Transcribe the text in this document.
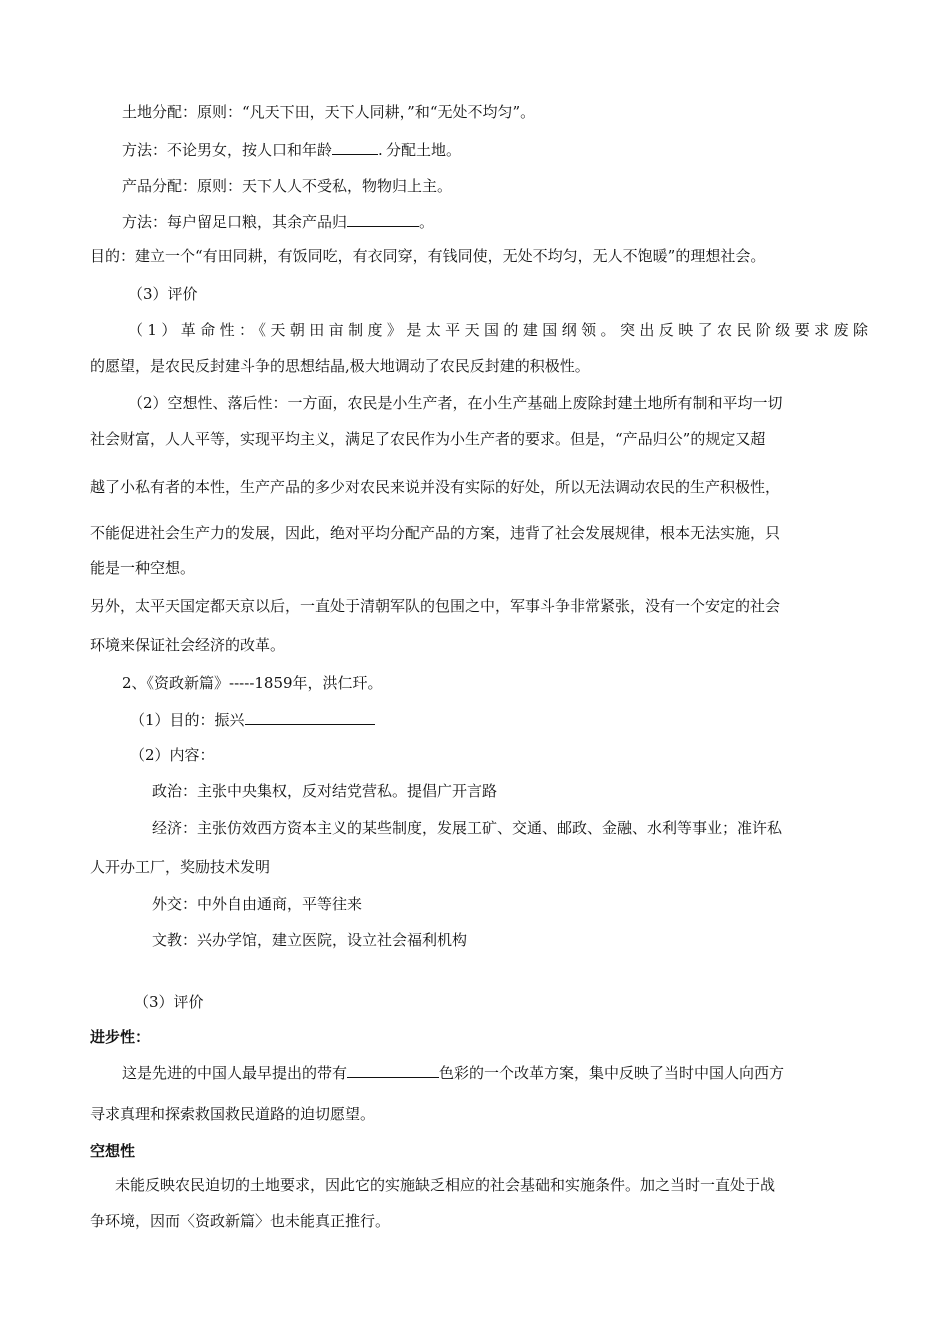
土地分配：原则：“凡天下田，天下人同耕，”和“无处不均匀”。
方法：不论男女，按人口和年龄	. 分配土地。
产品分配：原则：天下人人不受私，物物归上主。
方法：每户留足口粮，其余产品归	。
目的：建立一个“有田同耕，有饭同吃，有衣同穿，有钱同使，无处不均匀，无人不饱暖”的理想社会。
（3）评价
（1）革命性：《天朝田亩制度》是太平天国的建国纲领。突出反映了农民阶级要求废除
的愿望，是农民反封建斗争的思想结晶,极大地调动了农民反封建的积极性。
（2）空想性、落后性：一方面，农民是小生产者，在小生产基础上废除封建土地所有制和平均一切
社会财富，人人平等，实现平均主义，满足了农民作为小生产者的要求。但是，“产品归公”的规定又超
越了小私有者的本性，生产产品的多少对农民来说并没有实际的好处，所以无法调动农民的生产积极性，
不能促进社会生产力的发展，因此，绝对平均分配产品的方案，违背了社会发展规律，根本无法实施，只
能是一种空想。
另外，太平天国定都天京以后，一直处于清朝军队的包围之中，军事斗争非常紧张，没有一个安定的社会
环境来保证社会经济的改革。
2、《资政新篇》-----1859年，洪仁玕。
（1）目的：振兴
（2）内容：
政治：主张中央集权，反对结党营私。提倡广开言路
经济：主张仿效西方资本主义的某些制度，发展工矿、交通、邮政、金融、水利等事业；准许私
人开办工厂，奖励技术发明
外交：中外自由通商，平等往来
文教：兴办学馆，建立医院，设立社会福利机构
（3）评价
进步性：
这是先进的中国人最早提出的带有	色彩的一个改革方案，集中反映了当时中国人向西方
寻求真理和探索救国救民道路的迫切愿望。
空想性
未能反映农民迫切的土地要求，因此它的实施缺乏相应的社会基础和实施条件。加之当时一直处于战
争环境，因而〈资政新篇〉也未能真正推行。
